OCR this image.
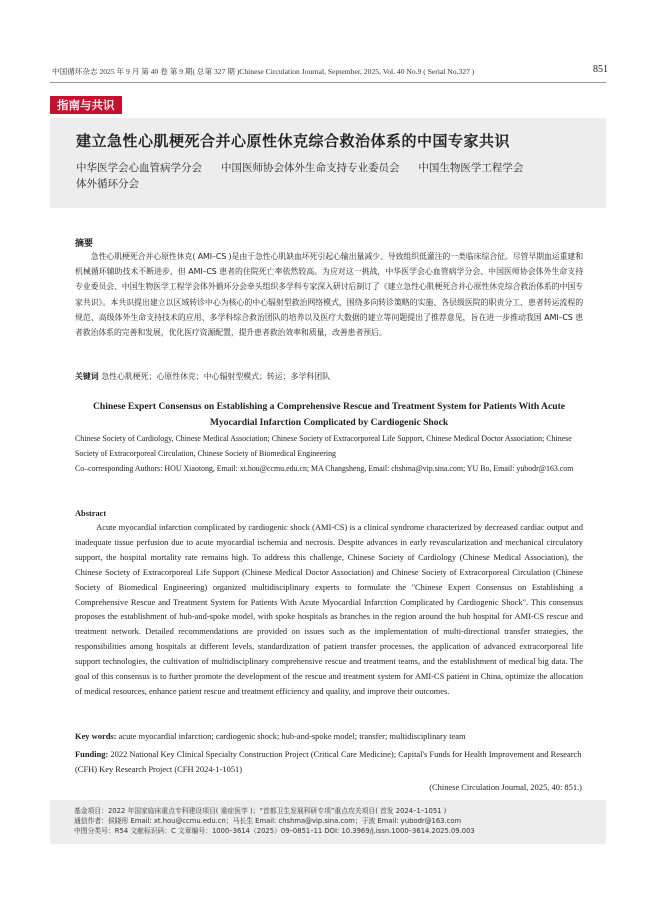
中国循环杂志 2025 年 9 月 第 40 卷 第 9 期( 总第 327 期 )Chinese Circulation Journal, September, 2025, Vol. 40 No.9 ( Serial No.327 )	851
指南与共识
建立急性心肌梗死合并心原性休克综合救治体系的中国专家共识
中华医学会心血管病学分会   中国医师协会体外生命支持专业委员会   中国生物医学工程学会
体外循环分会
摘要
急性心肌梗死合并心原性休克( AMI–CS )是由于急性心肌缺血坏死引起心输出量减少、导致组织低灌注的一类临床综合征。尽管早期血运重建和机械循环辅助技术不断进步，但 AMI–CS 患者的住院死亡率依然较高。为应对这一挑战，中华医学会心血管病学分会、中国医师协会体外生命支持专业委员会、中国生物医学工程学会体外循环分会牵头组织多学科专家深入研讨后制订了《建立急性心肌梗死合并心原性休克综合救治体系的中国专家共识》。本共识提出建立以区域转诊中心为核心的中心辐射型救治网络模式，围绕多向转诊策略的实施、各层级医院的职责分工、患者转运流程的规范、高级体外生命支持技术的应用、多学科综合救治团队的培养以及医疗大数据的建立等问题提出了推荐意见，旨在进一步推动我国 AMI–CS 患者救治体系的完善和发展，优化医疗资源配置，提升患者救治效率和质量，改善患者预后。
关键词 急性心肌梗死；心原性休克；中心辐射型模式；转运；多学科团队
Chinese Expert Consensus on Establishing a Comprehensive Rescue and Treatment System for Patients With Acute Myocardial Infarction Complicated by Cardiogenic Shock
Chinese Society of Cardiology, Chinese Medical Association; Chinese Society of Extracorporeal Life Support, Chinese Medical Doctor Association; Chinese Society of Extracorporeal Circulation, Chinese Society of Biomedical Engineering
Co–corresponding Authors: HOU Xiaotong, Email: xt.hou@ccmu.edu.cn; MA Changsheng, Email: chshma@vip.sina.com; YU Bo, Email: yubodr@163.com
Abstract
Acute myocardial infarction complicated by cardiogenic shock (AMI-CS) is a clinical syndrome characterized by decreased cardiac output and inadequate tissue perfusion due to acute myocardial ischemia and necrosis. Despite advances in early revascularization and mechanical circulatory support, the hospital mortality rate remains high. To address this challenge, Chinese Society of Cardiology (Chinese Medical Association), the Chinese Society of Extracorporeal Life Support (Chinese Medical Doctor Association) and Chinese Society of Extracorporeal Circulation (Chinese Society of Biomedical Engineering) organized multidisciplinary experts to formulate the "Chinese Expert Consensus on Establishing a Comprehensive Rescue and Treatment System for Patients With Acute Myocardial Infarction Complicated by Cardiogenic Shock". This consensus proposes the establishment of hub-and-spoke model, with spoke hospitals as branches in the region around the hub hospital for AMI-CS rescue and treatment network. Detailed recommendations are provided on issues such as the implementation of multi-directional transfer strategies, the responsibilities among hospitals at different levels, standardization of patient transfer processes, the application of advanced extracorporeal life support technologies, the cultivation of multidisciplinary comprehensive rescue and treatment teams, and the establishment of medical big data. The goal of this consensus is to further promote the development of the rescue and treatment system for AMI-CS patient in China, optimize the allocation of medical resources, enhance patient rescue and treatment efficiency and quality, and improve their outcomes.
Key words: acute myocardial infarction; cardiogenic shock; hub-and-spoke model; transfer; multidisciplinary team
Funding: 2022 National Key Clinical Specialty Construction Project (Critical Care Medicine); Capital's Funds for Health Improvement and Research (CFH) Key Research Project (CFH 2024-1-1051)
(Chinese Circulation Journal, 2025, 40: 851.)
基金项目：2022 年国家临床重点专科建设项目( 重症医学 )；“首都卫生发展科研专项”重点攻关项目( 首发 2024–1–1051 )
通信作者：侯晓彤 Email: xt.hou@ccmu.edu.cn；马长生 Email: chshma@vip.sina.com；于波 Email: yubodr@163.com
中图分类号：R54 文献标识码：C 文章编号：1000–3614（2025）09–0851–11 DOI: 10.3969/j.issn.1000–3614.2025.09.003
